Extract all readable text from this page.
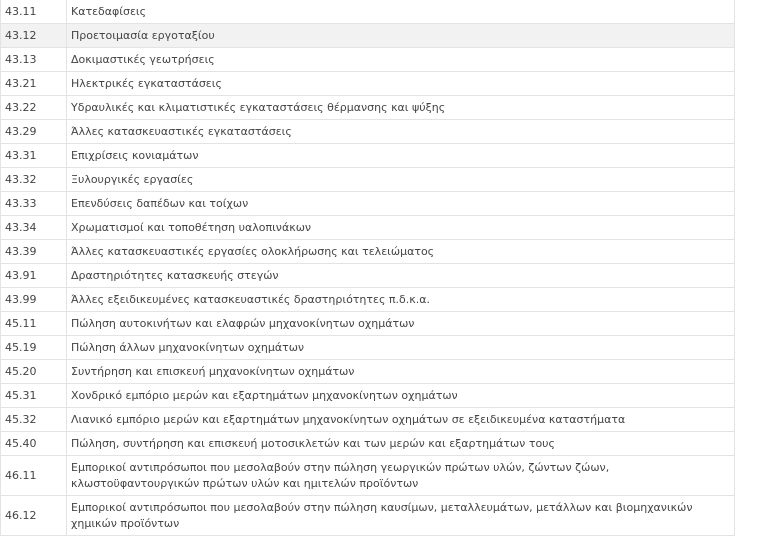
43.11	Κατεδαφίσεις
43.12	Προετοιμασία εργοταξίου
43.13	Δοκιμαστικές γεωτρήσεις
43.21	Ηλεκτρικές εγκαταστάσεις
43.22	Υδραυλικές και κλιματιστικές εγκαταστάσεις θέρμανσης και ψύξης
43.29	Άλλες κατασκευαστικές εγκαταστάσεις
43.31	Επιχρίσεις κονιαμάτων
43.32	Ξυλουργικές εργασίες
43.33	Επενδύσεις δαπέδων και τοίχων
43.34	Χρωματισμοί και τοποθέτηση υαλοπινάκων
43.39	Άλλες κατασκευαστικές εργασίες ολοκλήρωσης και τελειώματος
43.91	Δραστηριότητες κατασκευής στεγών
43.99	Άλλες εξειδικευμένες κατασκευαστικές δραστηριότητες π.δ.κ.α.
45.11	Πώληση αυτοκινήτων και ελαφρών μηχανοκίνητων οχημάτων
45.19	Πώληση άλλων μηχανοκίνητων οχημάτων
45.20	Συντήρηση και επισκευή μηχανοκίνητων οχημάτων
45.31	Χονδρικό εμπόριο μερών και εξαρτημάτων μηχανοκίνητων οχημάτων
45.32	Λιανικό εμπόριο μερών και εξαρτημάτων μηχανοκίνητων οχημάτων σε εξειδικευμένα καταστήματα
45.40	Πώληση, συντήρηση και επισκευή μοτοσικλετών και των μερών και εξαρτημάτων τους
46.11	Εμπορικοί αντιπρόσωποι που μεσολαβούν στην πώληση γεωργικών πρώτων υλών, ζώντων ζώων, κλωστοϋφαντουργικών πρώτων υλών και ημιτελών προϊόντων
46.12	Εμπορικοί αντιπρόσωποι που μεσολαβούν στην πώληση καυσίμων, μεταλλευμάτων, μετάλλων και βιομηχανικών χημικών προϊόντων
